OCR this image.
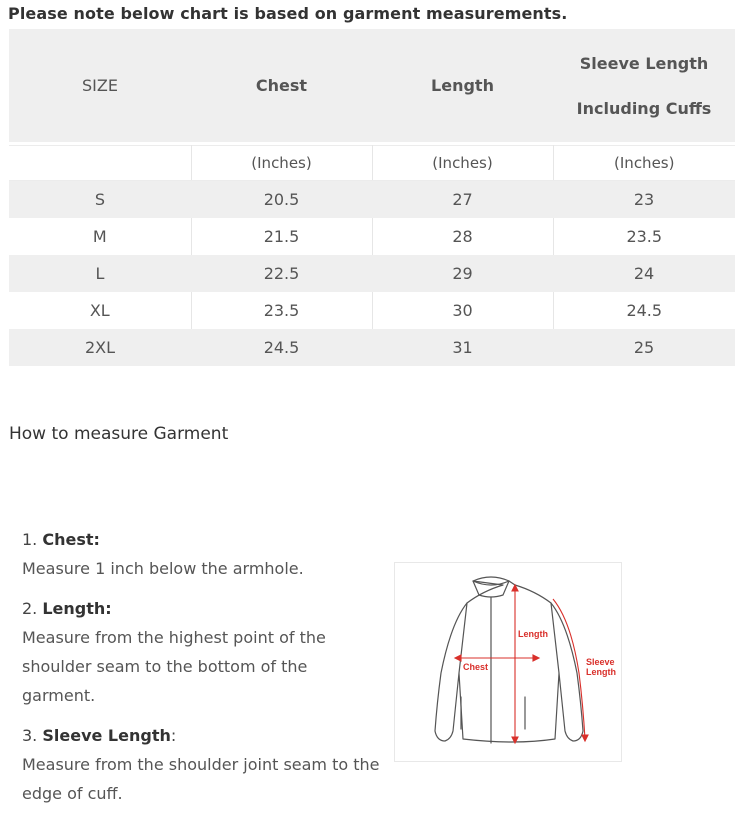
Please note below chart is based on garment measurements.
SIZE	Chest	Length	Sleeve Length
Including Cuffs

	(Inches)	(Inches)	(Inches)
S	20.5	27	23
M	21.5	28	23.5
L	22.5	29	24
XL	23.5	30	24.5
2XL	24.5	31	25
How to measure Garment
1. Chest:
Measure 1 inch below the armhole.
2. Length:
Measure from the highest point of the shoulder seam to the bottom of the garment.
3. Sleeve Length:
Measure from the shoulder joint seam to the edge of cuff.
Length
Chest	Sleeve
Length
